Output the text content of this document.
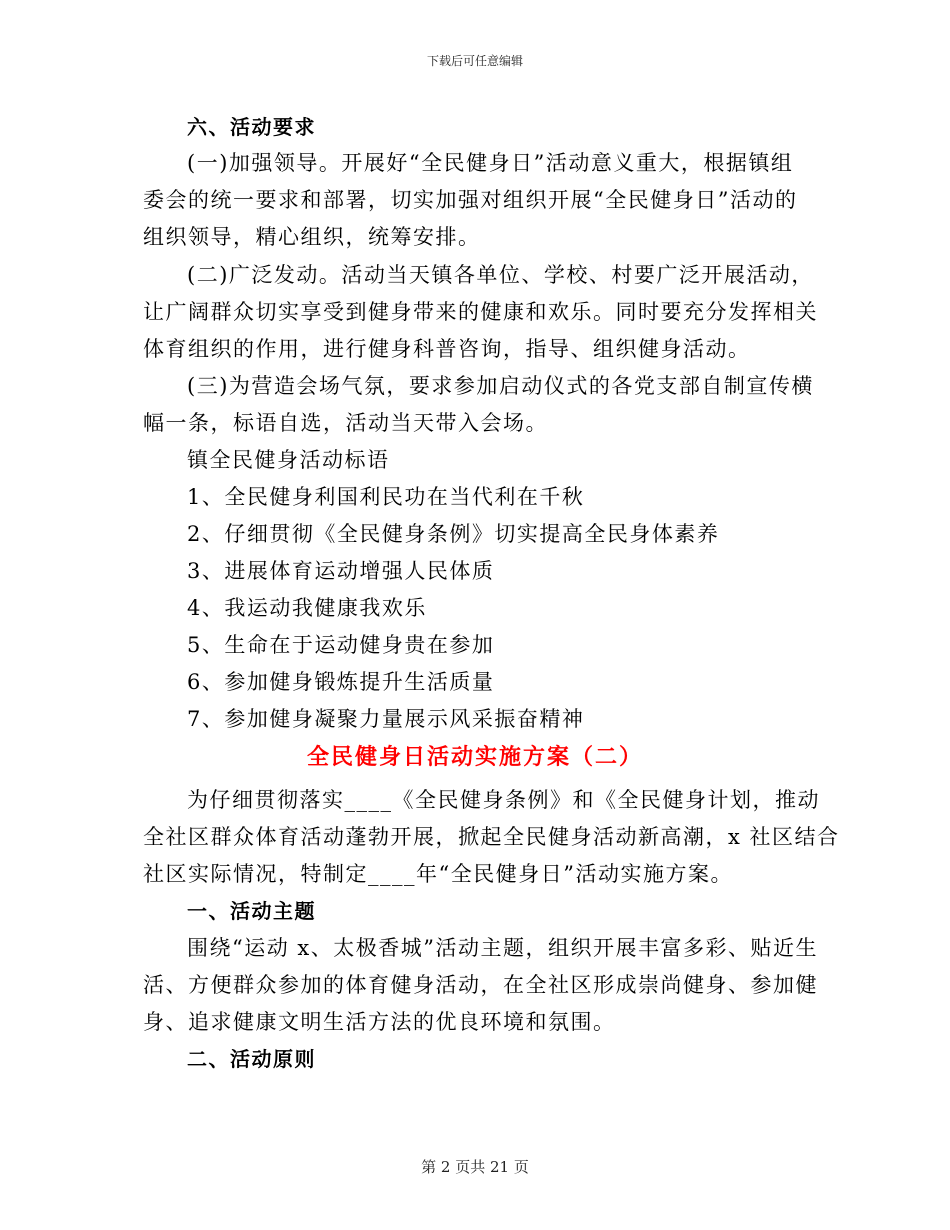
下载后可任意编辑
六、活动要求
(一)加强领导。开展好“全民健身日”活动意义重大，根据镇组
委会的统一要求和部署，切实加强对组织开展“全民健身日”活动的
组织领导，精心组织，统筹安排。
(二)广泛发动。活动当天镇各单位、学校、村要广泛开展活动，
让广阔群众切实享受到健身带来的健康和欢乐。同时要充分发挥相关
体育组织的作用，进行健身科普咨询，指导、组织健身活动。
(三)为营造会场气氛，要求参加启动仪式的各党支部自制宣传横
幅一条，标语自选，活动当天带入会场。
镇全民健身活动标语
1、全民健身利国利民功在当代利在千秋
2、仔细贯彻《全民健身条例》切实提高全民身体素养
3、进展体育运动增强人民体质
4、我运动我健康我欢乐
5、生命在于运动健身贵在参加
6、参加健身锻炼提升生活质量
7、参加健身凝聚力量展示风采振奋精神
全民健身日活动实施方案（二）
为仔细贯彻落实____《全民健身条例》和《全民健身计划，推动
全社区群众体育活动蓬勃开展，掀起全民健身活动新高潮，x 社区结合
社区实际情况，特制定____年“全民健身日”活动实施方案。
一、活动主题
围绕“运动 x、太极香城”活动主题，组织开展丰富多彩、贴近生
活、方便群众参加的体育健身活动，在全社区形成崇尚健身、参加健
身、追求健康文明生活方法的优良环境和氛围。
二、活动原则
第 2 页共 21 页
